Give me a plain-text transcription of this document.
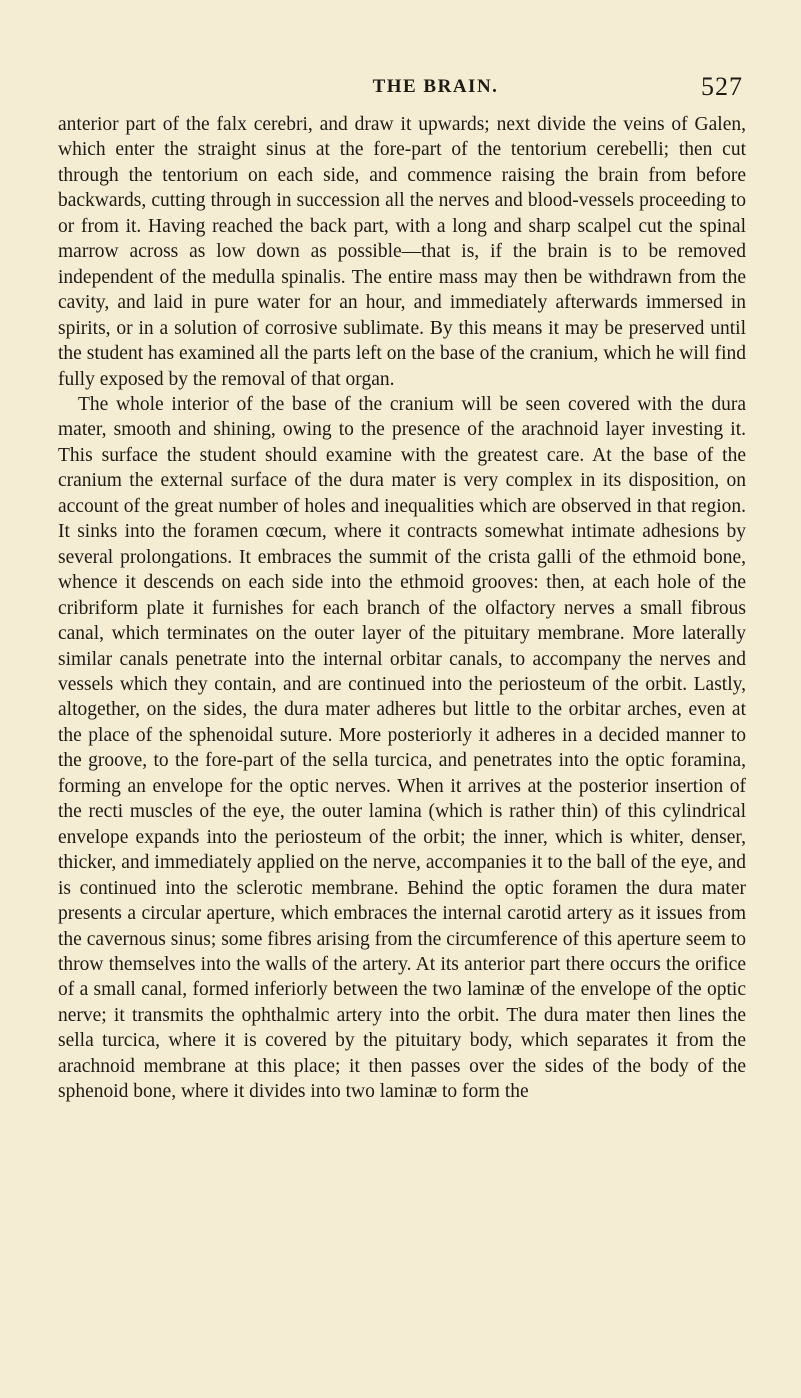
THE BRAIN.	527

anterior part of the falx cerebri, and draw it upwards; next divide the veins of Galen, which enter the straight sinus at the fore-part of the tentorium cerebelli; then cut through the tentorium on each side, and commence raising the brain from before backwards, cutting through in succession all the nerves and blood-vessels proceeding to or from it. Having reached the back part, with a long and sharp scalpel cut the spinal marrow across as low down as possible—that is, if the brain is to be removed independent of the medulla spinalis. The entire mass may then be withdrawn from the cavity, and laid in pure water for an hour, and immediately afterwards immersed in spirits, or in a solution of corrosive sublimate. By this means it may be preserved until the student has examined all the parts left on the base of the cranium, which he will find fully exposed by the removal of that organ.

The whole interior of the base of the cranium will be seen covered with the dura mater, smooth and shining, owing to the presence of the arachnoid layer investing it. This surface the student should examine with the greatest care. At the base of the cranium the external surface of the dura mater is very complex in its disposition, on account of the great number of holes and inequalities which are observed in that region. It sinks into the foramen cœcum, where it contracts somewhat intimate adhesions by several prolongations. It embraces the summit of the crista galli of the ethmoid bone, whence it descends on each side into the ethmoid grooves: then, at each hole of the cribriform plate it furnishes for each branch of the olfactory nerves a small fibrous canal, which terminates on the outer layer of the pituitary membrane. More laterally similar canals penetrate into the internal orbitar canals, to accompany the nerves and vessels which they contain, and are continued into the periosteum of the orbit. Lastly, altogether, on the sides, the dura mater adheres but little to the orbitar arches, even at the place of the sphenoidal suture. More posteriorly it adheres in a decided manner to the groove, to the fore-part of the sella turcica, and penetrates into the optic foramina, forming an envelope for the optic nerves. When it arrives at the posterior insertion of the recti muscles of the eye, the outer lamina (which is rather thin) of this cylindrical envelope expands into the periosteum of the orbit; the inner, which is whiter, denser, thicker, and immediately applied on the nerve, accompanies it to the ball of the eye, and is continued into the sclerotic membrane. Behind the optic foramen the dura mater presents a circular aperture, which embraces the internal carotid artery as it issues from the cavernous sinus; some fibres arising from the circumference of this aperture seem to throw themselves into the walls of the artery. At its anterior part there occurs the orifice of a small canal, formed inferiorly between the two laminæ of the envelope of the optic nerve; it transmits the ophthalmic artery into the orbit. The dura mater then lines the sella turcica, where it is covered by the pituitary body, which separates it from the arachnoid membrane at this place; it then passes over the sides of the body of the sphenoid bone, where it divides into two laminæ to form the
